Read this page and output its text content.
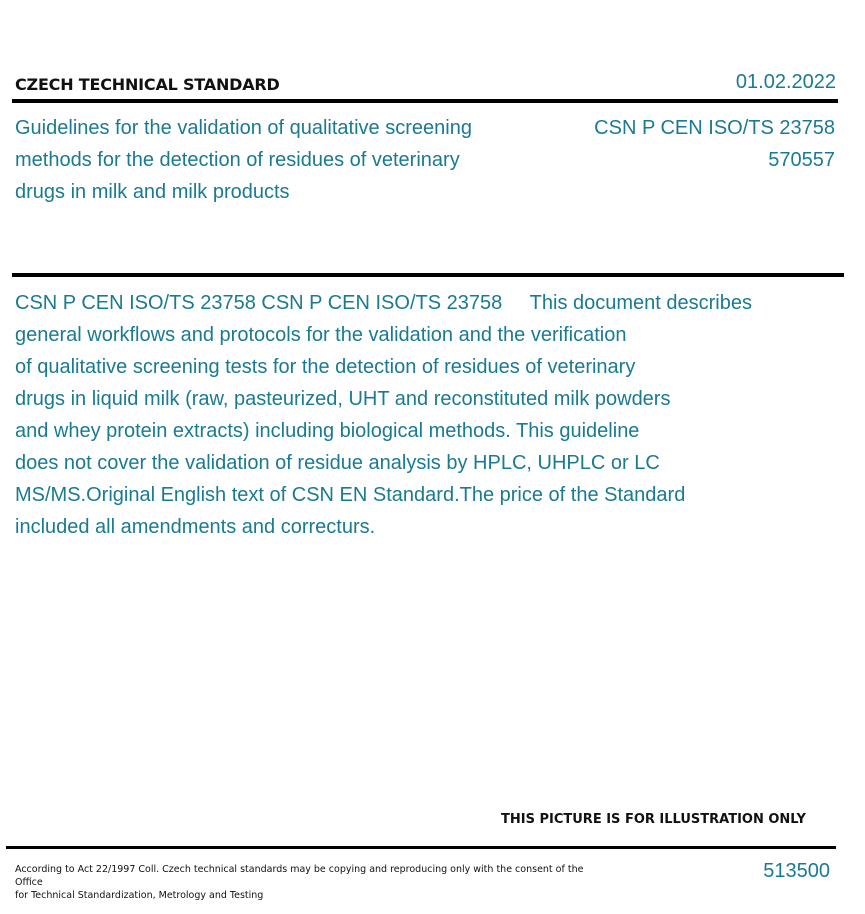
CZECH TECHNICAL STANDARD	01.02.2022
Guidelines for the validation of qualitative screening
methods for the detection of residues of veterinary
drugs in milk and milk products
CSN P CEN ISO/TS 23758
570557
CSN P CEN ISO/TS 23758 CSN P CEN ISO/TS 23758     This document describes
general workflows and protocols for the validation and the verification
of qualitative screening tests for the detection of residues of veterinary
drugs in liquid milk (raw, pasteurized, UHT and reconstituted milk powders
and whey protein extracts) including biological methods. This guideline
does not cover the validation of residue analysis by HPLC, UHPLC or LC
MS/MS.Original English text of CSN EN Standard.The price of the Standard
included all amendments and correcturs.
THIS PICTURE IS FOR ILLUSTRATION ONLY
According to Act 22/1997 Coll. Czech technical standards may be copying and reproducing only with the consent of the Office
for Technical Standardization, Metrology and Testing
513500
